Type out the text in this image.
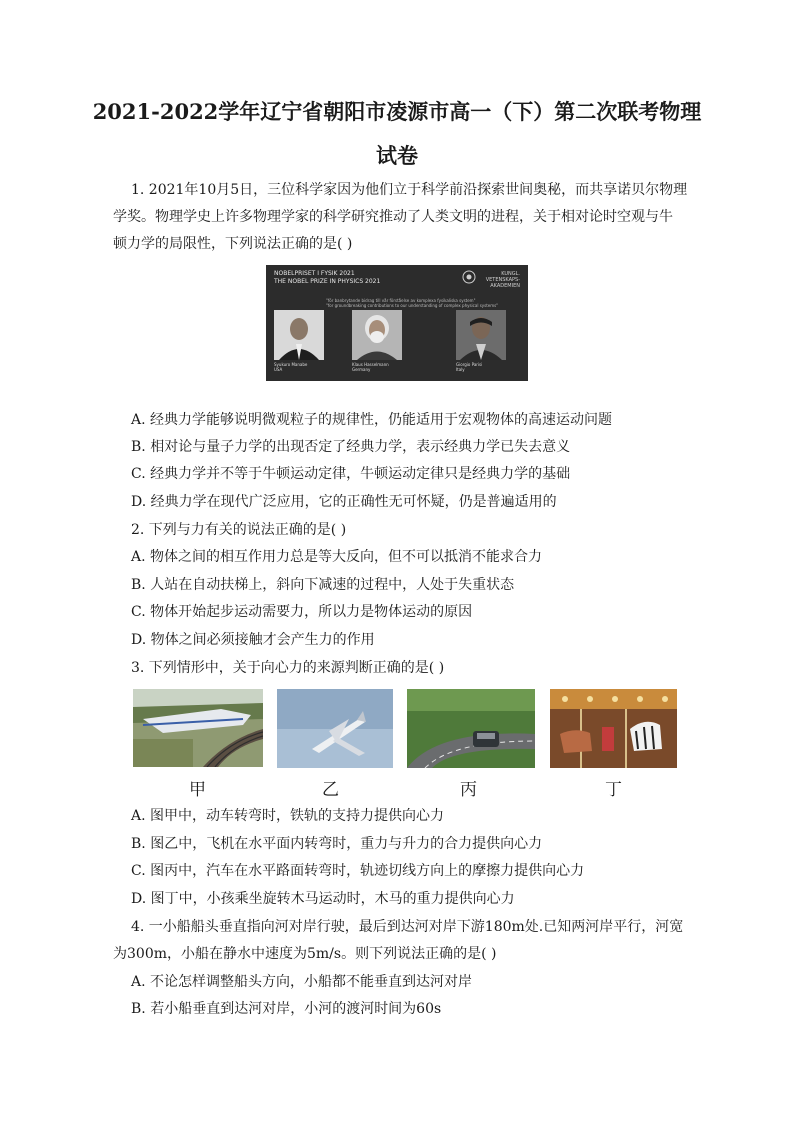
2021-2022学年辽宁省朝阳市凌源市高一（下）第二次联考物理
试卷
1. 2021年10月5日，三位科学家因为他们立于科学前沿探索世间奥秘，而共享诺贝尔物理
学奖。物理学史上许多物理学家的科学研究推动了人类文明的进程，关于相对论时空观与牛
顿力学的局限性，下列说法正确的是( )
NOBELPRISET I FYSIK 2021
THE NOBEL PRIZE IN PHYSICS 2021
KUNGL.
VETENSKAPS-
AKADEMIEN
"för banbrytande bidrag till vår förståelse av komplexa fysikaliska system"
"for groundbreaking contributions to our understanding of complex physical systems"
Syukuro Manabe
USA
Klaus Hasselmann
Germany
Giorgio Parisi
Italy
A. 经典力学能够说明微观粒子的规律性，仍能适用于宏观物体的高速运动问题
B. 相对论与量子力学的出现否定了经典力学，表示经典力学已失去意义
C. 经典力学并不等于牛顿运动定律，牛顿运动定律只是经典力学的基础
D. 经典力学在现代广泛应用，它的正确性无可怀疑，仍是普遍适用的
2. 下列与力有关的说法正确的是( )
A. 物体之间的相互作用力总是等大反向，但不可以抵消不能求合力
B. 人站在自动扶梯上，斜向下减速的过程中，人处于失重状态
C. 物体开始起步运动需要力，所以力是物体运动的原因
D. 物体之间必须接触才会产生力的作用
3. 下列情形中，关于向心力的来源判断正确的是( )
甲	乙	丙	丁
A. 图甲中，动车转弯时，铁轨的支持力提供向心力
B. 图乙中，飞机在水平面内转弯时，重力与升力的合力提供向心力
C. 图丙中，汽车在水平路面转弯时，轨迹切线方向上的摩擦力提供向心力
D. 图丁中，小孩乘坐旋转木马运动时，木马的重力提供向心力
4. 一小船船头垂直指向河对岸行驶，最后到达河对岸下游180m处.已知两河岸平行，河宽
为300m，小船在静水中速度为5m/s。则下列说法正确的是( )
A. 不论怎样调整船头方向，小船都不能垂直到达河对岸
B. 若小船垂直到达河对岸，小河的渡河时间为60s
